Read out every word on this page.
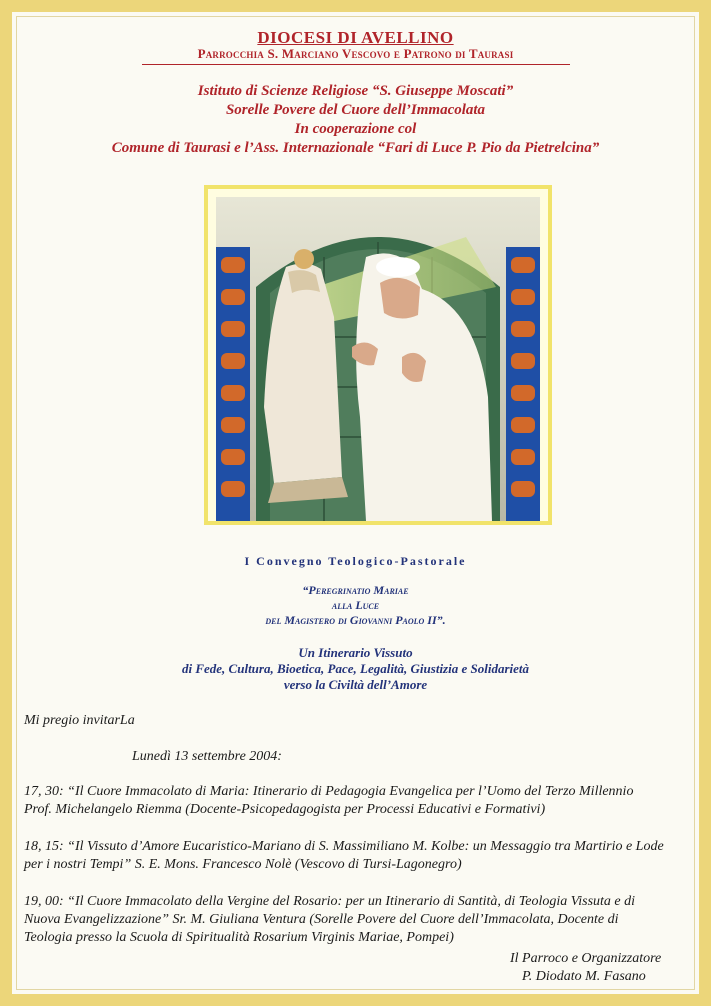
DIOCESI DI AVELLINO
Parrocchia S. Marciano Vescovo e Patrono di Taurasi
Istituto di Scienze Religiose “S. Giuseppe Moscati”
Sorelle Povere del Cuore dell’Immacolata
In cooperazione col
Comune di Taurasi e l’Ass. Internazionale “Fari di Luce P. Pio da Pietrelcina”
I Convegno Teologico-Pastorale
“Peregrinatio Mariae
alla Luce
del Magistero di Giovanni Paolo II”.
Un Itinerario Vissuto
di Fede, Cultura, Bioetica, Pace, Legalità, Giustizia e Solidarietà
verso la Civiltà dell’Amore
Mi pregio invitarLa
Lunedì 13 settembre 2004:
17, 30: “Il Cuore Immacolato di Maria: Itinerario di Pedagogia Evangelica per l’Uomo del Terzo Millennio
Prof. Michelangelo Riemma (Docente-Psicopedagogista per Processi Educativi e Formativi)
18, 15: “Il Vissuto d’Amore Eucaristico-Mariano di S. Massimiliano M. Kolbe: un Messaggio tra Martirio e Lode
per i nostri Tempi” S. E. Mons. Francesco Nolè (Vescovo di Tursi-Lagonegro)
19, 00: “Il Cuore Immacolato della Vergine del Rosario: per un Itinerario di Santità, di Teologia Vissuta e di
Nuova Evangelizzazione” Sr. M. Giuliana Ventura (Sorelle Povere del Cuore dell’Immacolata, Docente di
Teologia presso la Scuola di Spiritualità Rosarium Virginis Mariae, Pompei)
Il Parroco e Organizzatore
P. Diodato M. Fasano
